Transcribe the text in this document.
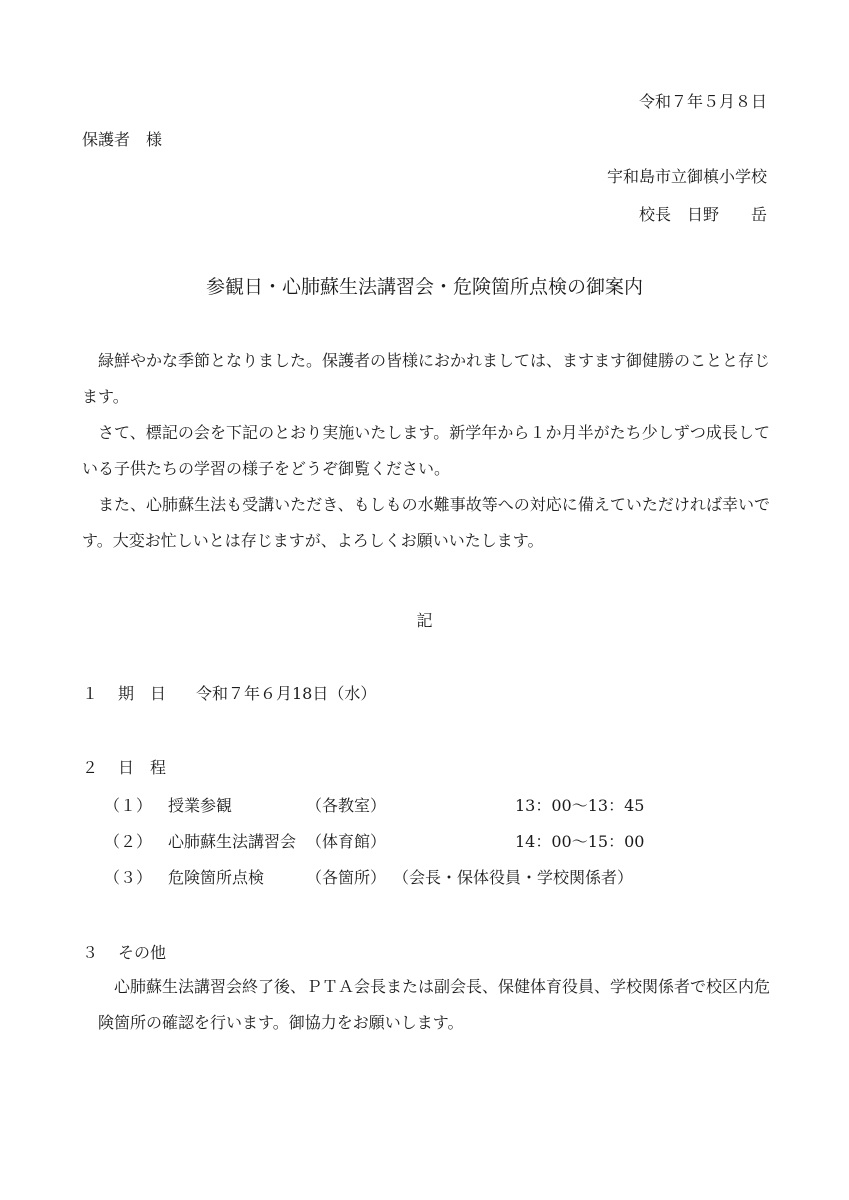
令和７年５月８日
保護者　様
宇和島市立御槙小学校
校長　日野　　岳
参観日・心肺蘇生法講習会・危険箇所点検の御案内
緑鮮やかな季節となりました。保護者の皆様におかれましては、ますます御健勝のことと存じます。
さて、標記の会を下記のとおり実施いたします。新学年から１か月半がたち少しずつ成長している子供たちの学習の様子をどうぞ御覧ください。
また、心肺蘇生法も受講いただき、もしもの水難事故等への対応に備えていただければ幸いです。大変お忙しいとは存じますが、よろしくお願いいたします。
記
１ 期　日 令和７年６月18日（水）
２ 日　程
（１） 授業参観	（各教室）	13：00〜13：45
（２） 心肺蘇生法講習会 （体育館）	14：00〜15：00
（３） 危険箇所点検	（各箇所） （会長・保体役員・学校関係者）
３ その他
心肺蘇生法講習会終了後、ＰＴＡ会長または副会長、保健体育役員、学校関係者で校区内危険箇所の確認を行います。御協力をお願いします。
